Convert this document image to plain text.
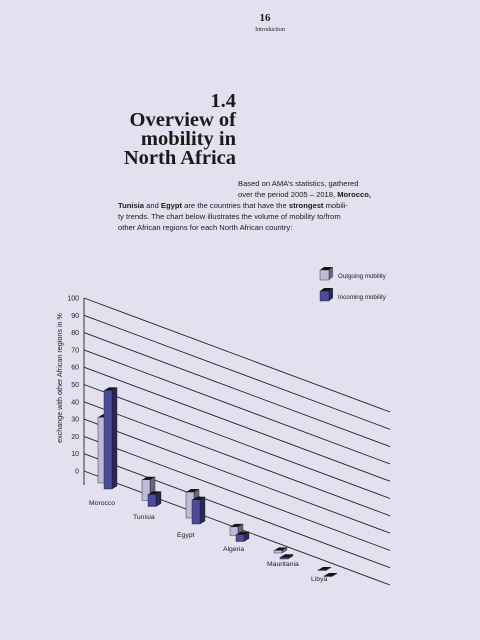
16
Introduction
1.4
Overview of
mobility in
North Africa
Based on AMA’s statistics, gathered
over the period 2005 – 2018, Morocco,
Tunisia and Egypt are the countries that have the strongest mobili-
ty trends. The chart below illustrates the volume of mobility to/from
other African regions for each North African country:
100
90
80
70
60
50
40
30
20
10
0
exchange with other African regions in %
Morocco
Tunisia
Egypt
Algeria
Mauritania
Libya
Outgoing mobility
Incoming mobility
